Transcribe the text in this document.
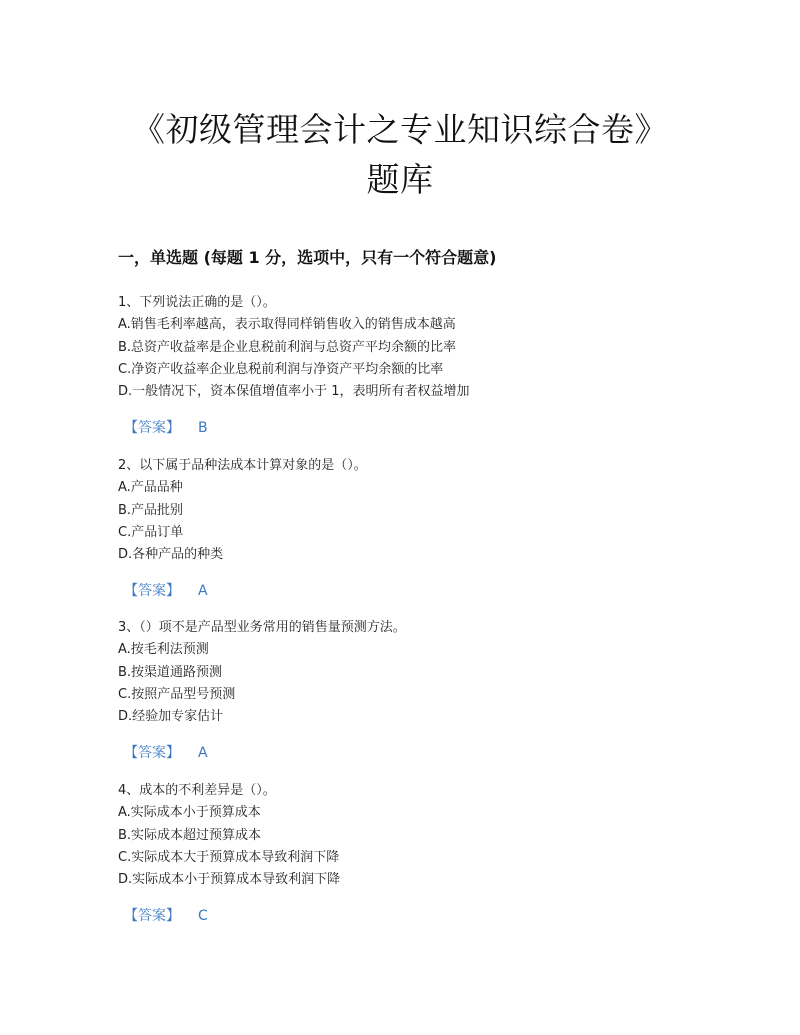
《初级管理会计之专业知识综合卷》
题库
一，单选题 (每题 1 分，选项中，只有一个符合题意)
1、下列说法正确的是（）。
A.销售毛利率越高，表示取得同样销售收入的销售成本越高
B.总资产收益率是企业息税前利润与总资产平均余额的比率
C.净资产收益率企业息税前利润与净资产平均余额的比率
D.一般情况下，资本保值增值率小于 1，表明所有者权益增加
【答案】 B
2、以下属于品种法成本计算对象的是（）。
A.产品品种
B.产品批别
C.产品订单
D.各种产品的种类
【答案】 A
3、（）项不是产品型业务常用的销售量预测方法。
A.按毛利法预测
B.按渠道通路预测
C.按照产品型号预测
D.经验加专家估计
【答案】 A
4、成本的不利差异是（）。
A.实际成本小于预算成本
B.实际成本超过预算成本
C.实际成本大于预算成本导致利润下降
D.实际成本小于预算成本导致利润下降
【答案】 C
